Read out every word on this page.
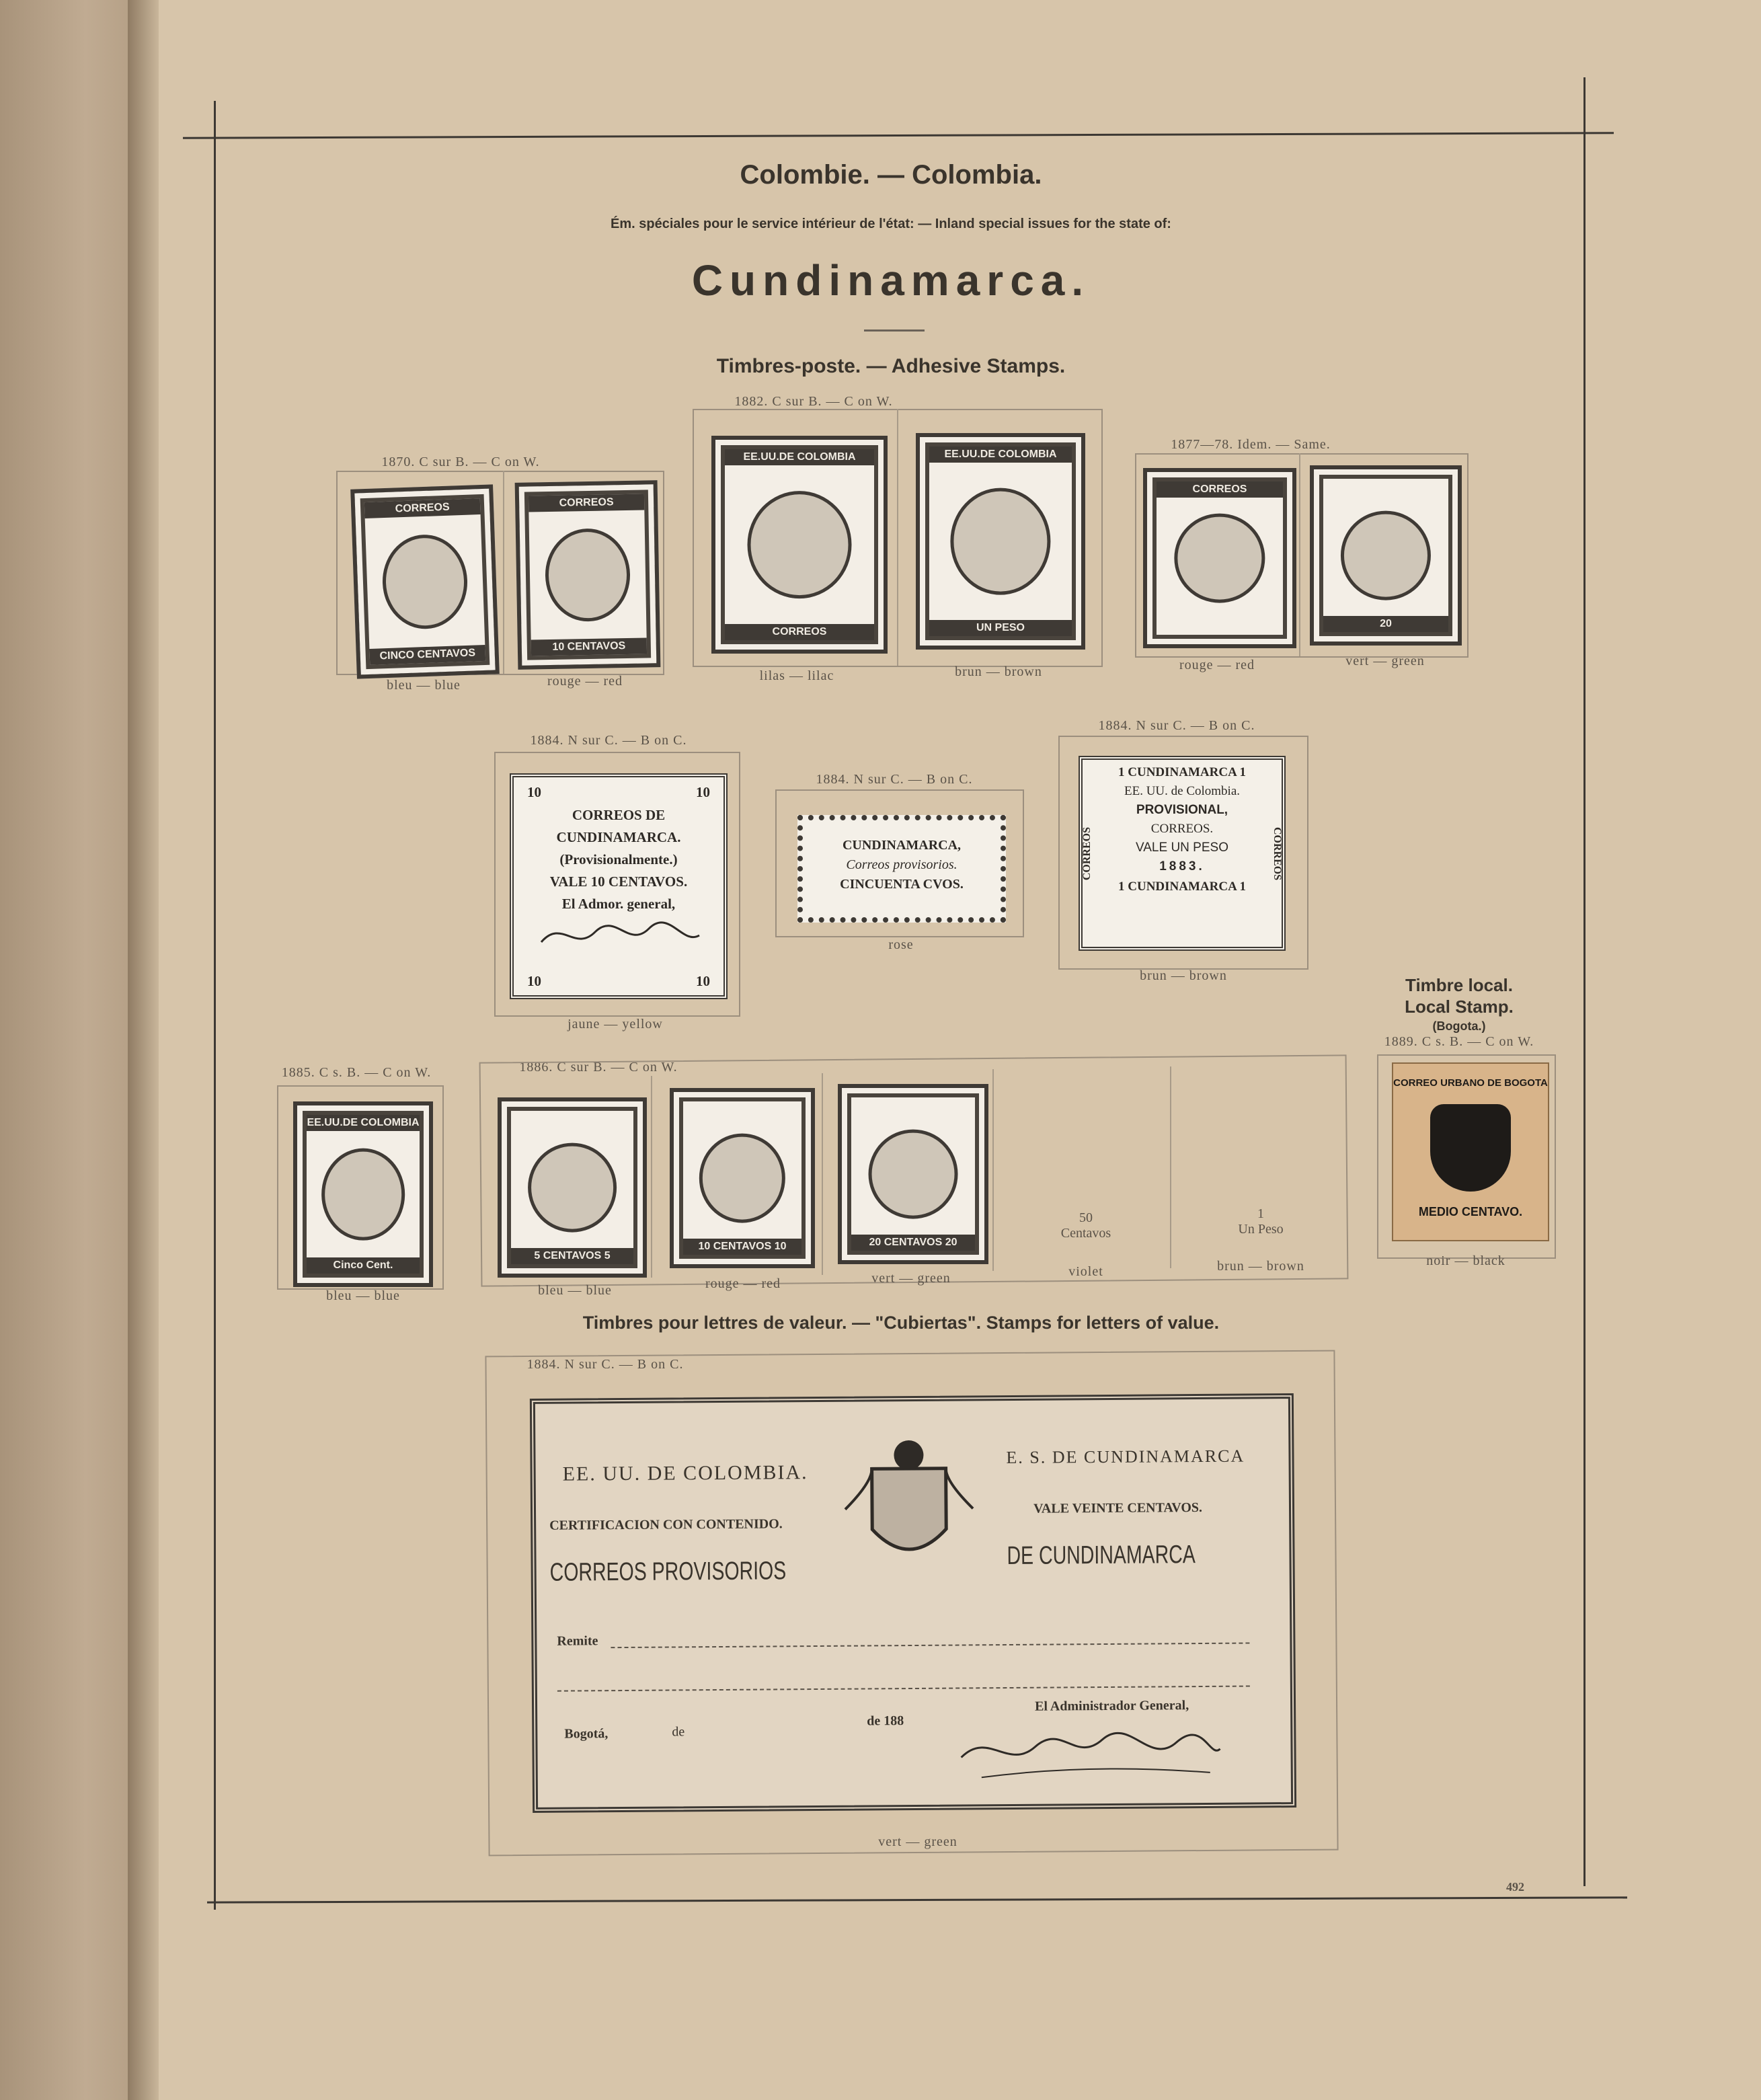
Colombie. — Colombia.
Ém. spéciales pour le service intérieur de l'état: — Inland special issues for the state of:
Cundinamarca.
Timbres-poste. — Adhesive Stamps.
1870. C sur B. — C on W.
CORREOS
CINCO CENTAVOS
CORREOS
10 CENTAVOS
bleu — blue	rouge — red
1882. C sur B. — C on W.
EE.UU.DE COLOMBIA
CORREOS
EE.UU.DE COLOMBIA
UN PESO
lilas — lilac	brun — brown
1877—78. Idem. — Same.
CORREOS
20
rouge — red	vert — green
1884. N sur C. — B on C.
10	10
CORREOS DE
CUNDINAMARCA.
(Provisionalmente.)
VALE 10 CENTAVOS.
El Admor. general,
10	10
jaune — yellow
1884. N sur C. — B on C.
CUNDINAMARCA,
Correos provisorios.
CINCUENTA CVOS.
rose
1884. N sur C. — B on C.
1 CUNDINAMARCA 1
EE. UU. de Colombia.
PROVISIONAL,
CORREOS.
VALE UN PESO
1883.
1 CUNDINAMARCA 1
CORREOS	CORREOS
brun — brown	Timbre local.
Local Stamp.
(Bogota.)
1889. C s. B. — C on W.
CORREO URBANO DE BOGOTA
MEDIO CENTAVO.
noir — black
1885. C s. B. — C on W.
EE.UU.DE COLOMBIA
Cinco Cent.
bleu — blue
1886. C sur B. — C on W.
5 CENTAVOS 5
10 CENTAVOS 10	20 CENTAVOS 20
50
Centavos
1
Un Peso
bleu — blue	rouge — red	vert — green	violet	brun — brown
Timbres pour lettres de valeur. — "Cubiertas". Stamps for letters of value.
1884. N sur C. — B on C.
EE. UU. DE COLOMBIA.
CERTIFICACION CON CONTENIDO.
CORREOS PROVISORIOS
E. S. DE CUNDINAMARCA
VALE VEINTE CENTAVOS.
DE CUNDINAMARCA
Remite
Bogotá,	de
de 188
El Administrador General,
vert — green
492
